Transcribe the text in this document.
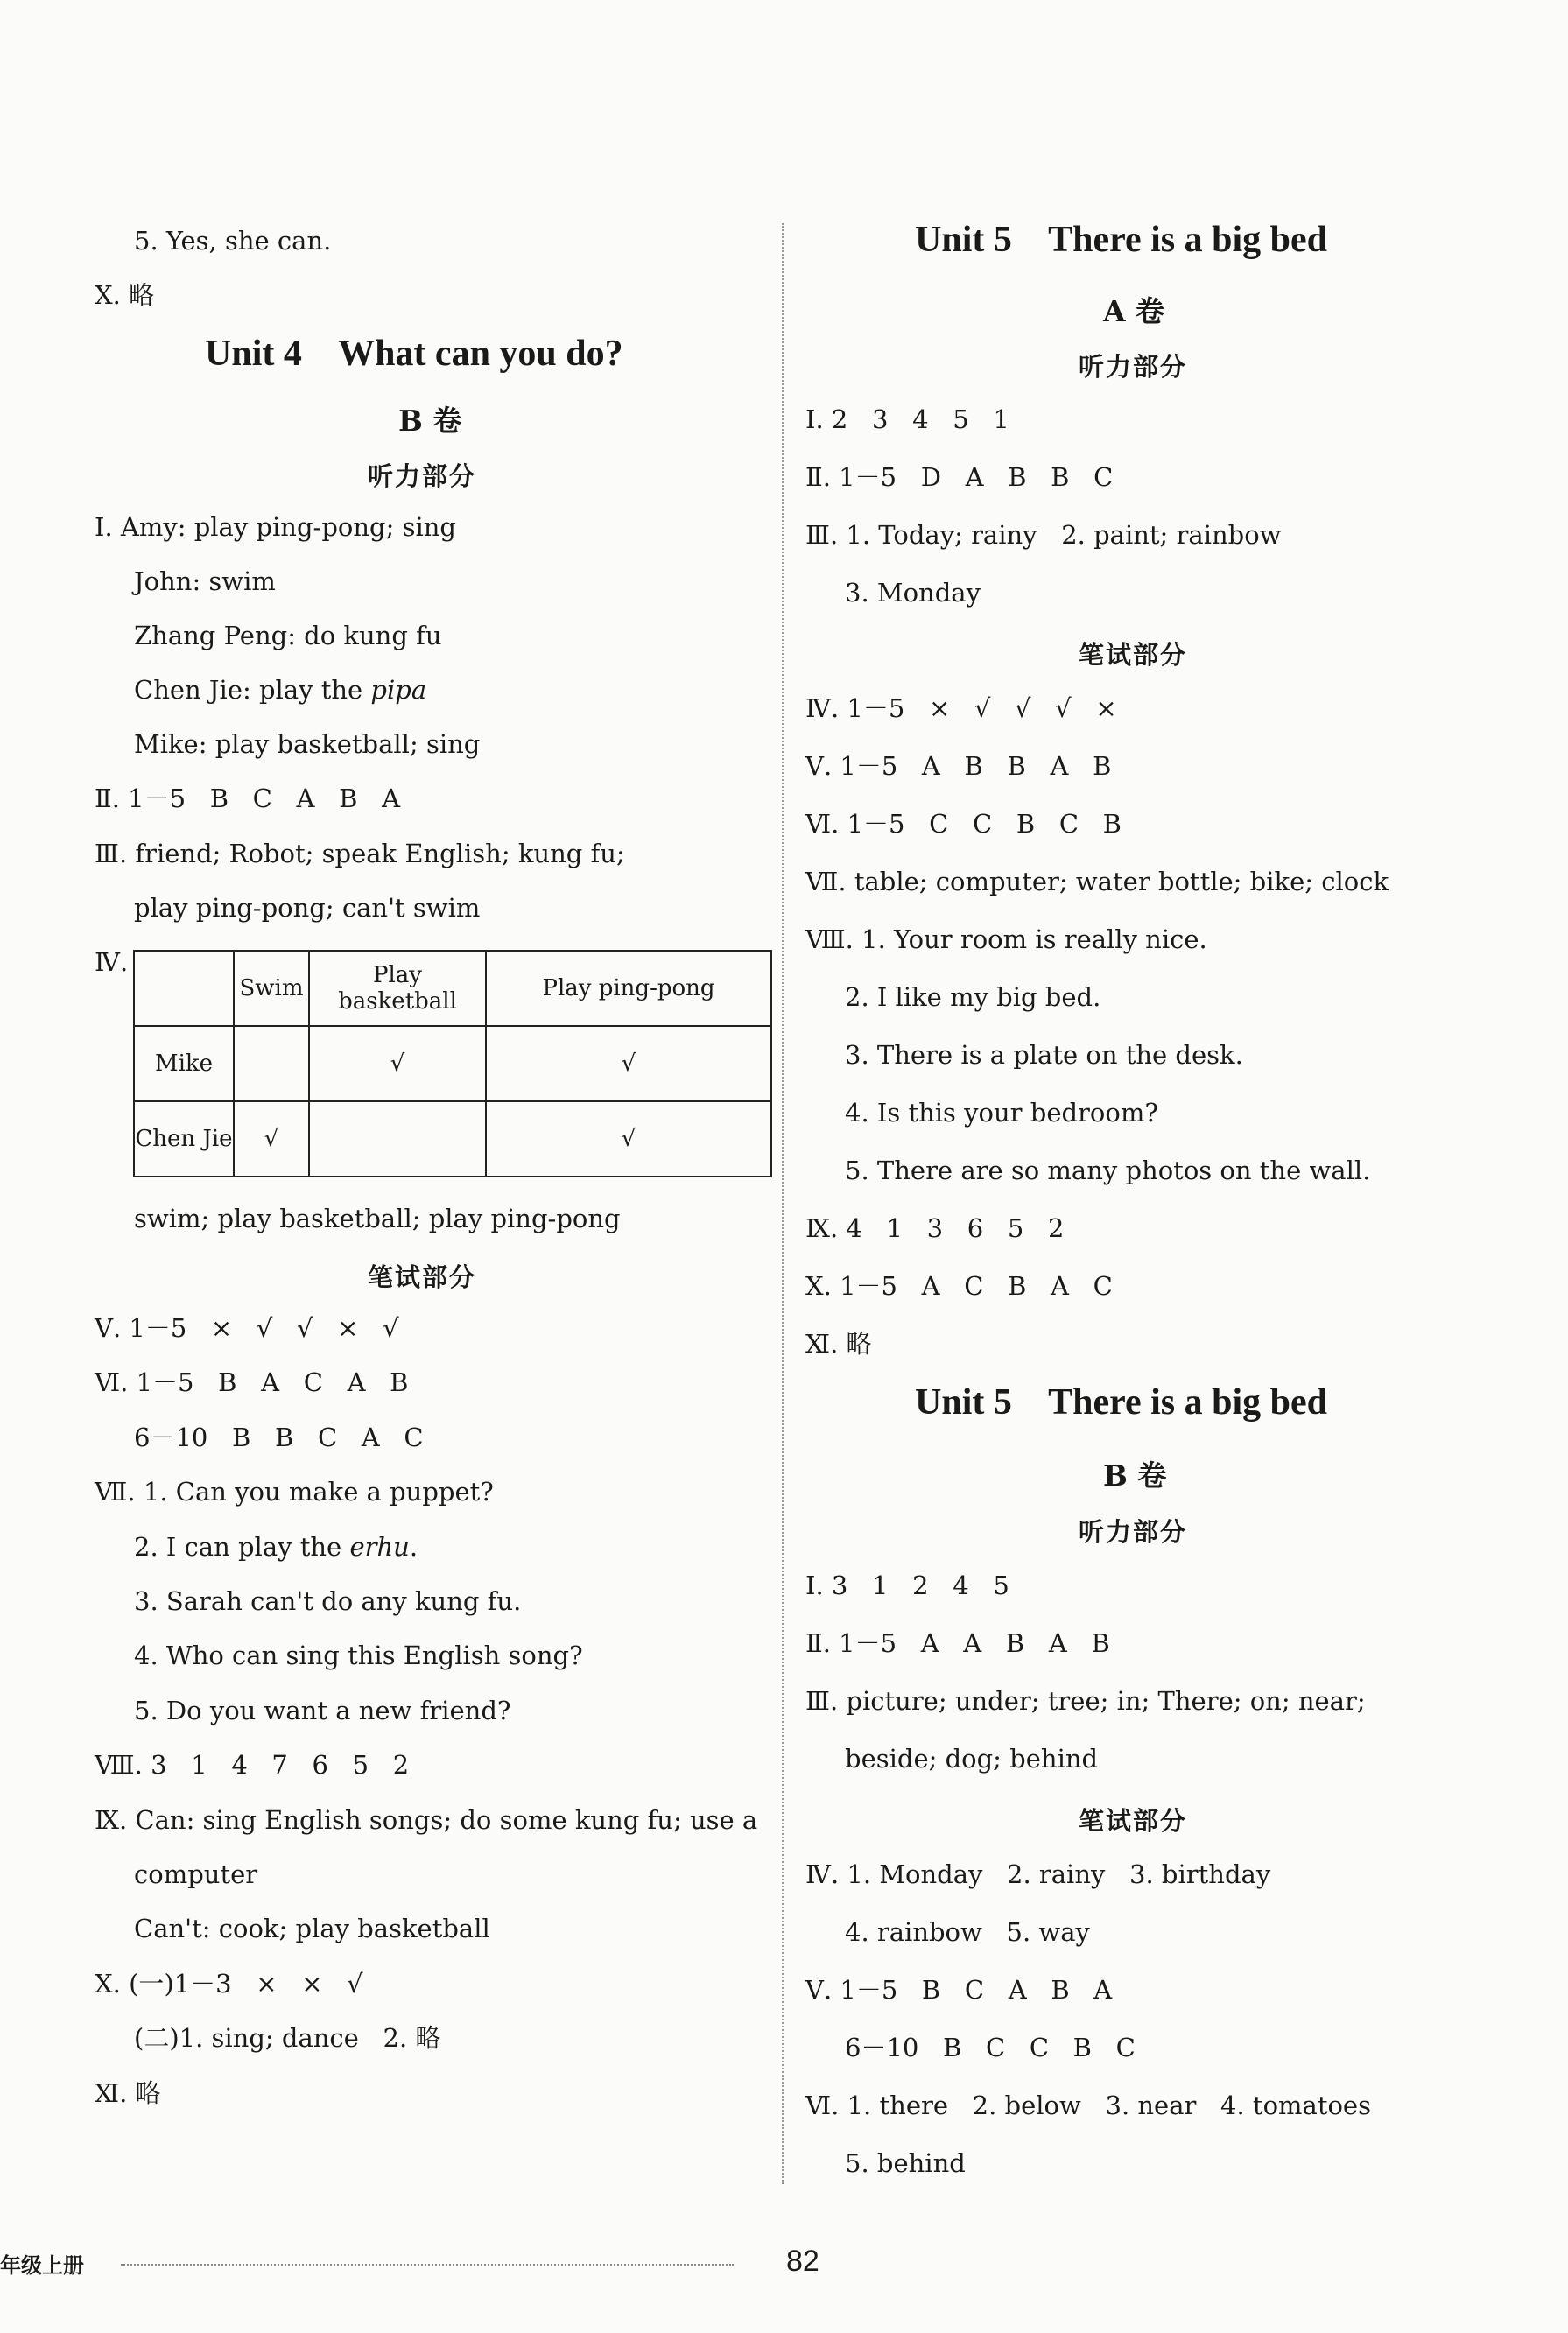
5. Yes, she can.
Ⅹ. 略
Unit 4    What can you do?
B 卷
听力部分
Ⅰ. Amy: play ping-pong; sing
John: swim
Zhang Peng: do kung fu
Chen Jie: play the pipa
Mike: play basketball; sing
Ⅱ. 1－5   B   C   A   B   A
Ⅲ. friend; Robot; speak English; kung fu;
play ping-pong; can't swim
Ⅳ.
	Swim	Play basketball	Play ping-pong
Mike		√	√
Chen Jie	√		√
swim; play basketball; play ping-pong
笔试部分
Ⅴ. 1－5   ×   √   √   ×   √
Ⅵ. 1－5   B   A   C   A   B
6－10   B   B   C   A   C
Ⅶ. 1. Can you make a puppet?
2. I can play the erhu.
3. Sarah can't do any kung fu.
4. Who can sing this English song?
5. Do you want a new friend?
Ⅷ. 3   1   4   7   6   5   2
Ⅸ. Can: sing English songs; do some kung fu; use a
computer
Can't: cook; play basketball
Ⅹ. (一)1－3   ×   ×   √
(二)1. sing; dance   2. 略
Ⅺ. 略
Unit 5    There is a big bed
A 卷
听力部分
Ⅰ. 2   3   4   5   1
Ⅱ. 1－5   D   A   B   B   C
Ⅲ. 1. Today; rainy   2. paint; rainbow
3. Monday
笔试部分
Ⅳ. 1－5   ×   √   √   √   ×
Ⅴ. 1－5   A   B   B   A   B
Ⅵ. 1－5   C   C   B   C   B
Ⅶ. table; computer; water bottle; bike; clock
Ⅷ. 1. Your room is really nice.
2. I like my big bed.
3. There is a plate on the desk.
4. Is this your bedroom?
5. There are so many photos on the wall.
Ⅸ. 4   1   3   6   5   2
Ⅹ. 1－5   A   C   B   A   C
Ⅺ. 略
Unit 5    There is a big bed
B 卷
听力部分
Ⅰ. 3   1   2   4   5
Ⅱ. 1－5   A   A   B   A   B
Ⅲ. picture; under; tree; in; There; on; near;
beside; dog; behind
笔试部分
Ⅳ. 1. Monday   2. rainy   3. birthday
4. rainbow   5. way
Ⅴ. 1－5   B   C   A   B   A
6－10   B   C   C   B   C
Ⅵ. 1. there   2. below   3. near   4. tomatoes
5. behind
年级上册	82
